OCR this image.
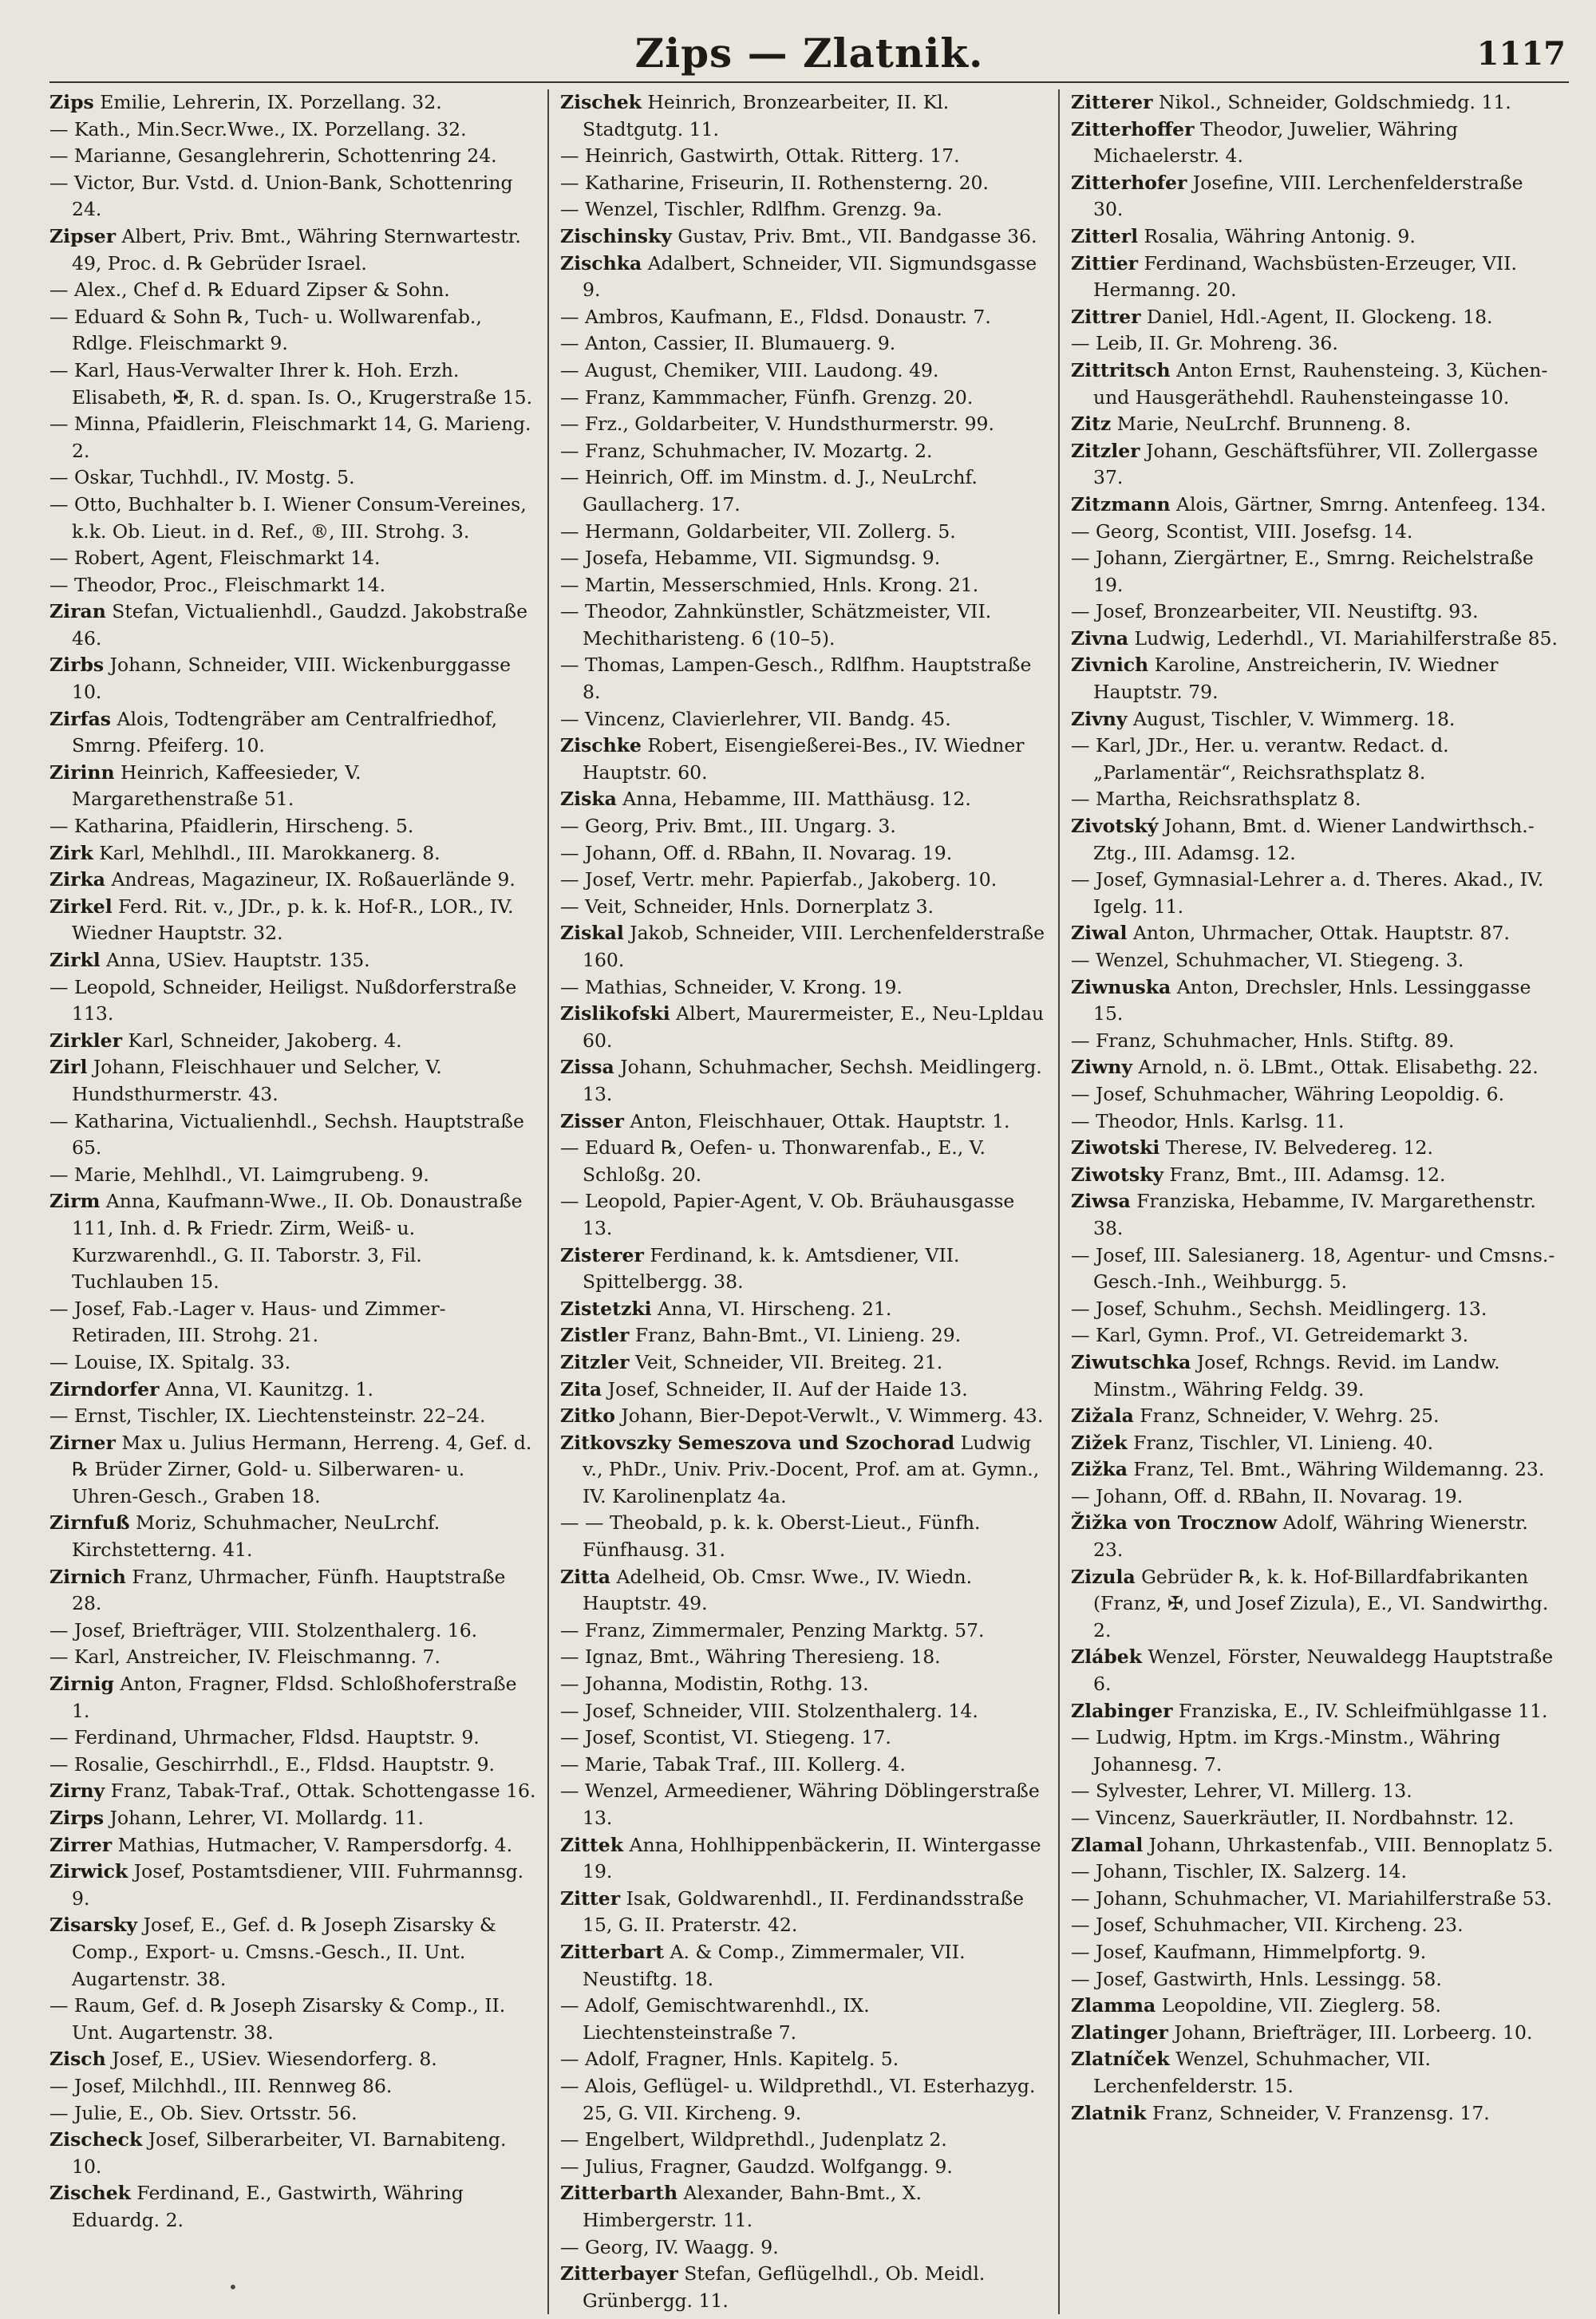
Zips — Zlatnik.	1117

Zips Emilie, Lehrerin, IX. Porzellang. 32.

— Kath., Min.Secr.Wwe., IX. Porzellang. 32.

— Marianne, Gesanglehrerin, Schottenring 24.

— Victor, Bur. Vstd. d. Union-Bank, Schottenring 24.

Zipser Albert, Priv. Bmt., Währing Sternwartestr. 49, Proc. d. ℞ Gebrüder Israel.

— Alex., Chef d. ℞ Eduard Zipser & Sohn.

— Eduard & Sohn ℞, Tuch- u. Wollwarenfab., Rdlge. Fleischmarkt 9.

— Karl, Haus-Verwalter Ihrer k. Hoh. Erzh. Elisabeth, ✠, R. d. span. Is. O., Krugerstraße 15.

— Minna, Pfaidlerin, Fleischmarkt 14, G. Marieng. 2.

— Oskar, Tuchhdl., IV. Mostg. 5.

— Otto, Buchhalter b. I. Wiener Consum-Vereines, k.k. Ob. Lieut. in d. Ref., ®, III. Strohg. 3.

— Robert, Agent, Fleischmarkt 14.

— Theodor, Proc., Fleischmarkt 14.

Ziran Stefan, Victualienhdl., Gaudzd. Jakobstraße 46.

Zirbs Johann, Schneider, VIII. Wickenburggasse 10.

Zirfas Alois, Todtengräber am Centralfriedhof, Smrng. Pfeiferg. 10.

Zirinn Heinrich, Kaffeesieder, V. Margarethenstraße 51.

— Katharina, Pfaidlerin, Hirscheng. 5.

Zirk Karl, Mehlhdl., III. Marokkanerg. 8.

Zirka Andreas, Magazineur, IX. Roßauerlände 9.

Zirkel Ferd. Rit. v., JDr., p. k. k. Hof-R., LOR., IV. Wiedner Hauptstr. 32.

Zirkl Anna, USiev. Hauptstr. 135.

— Leopold, Schneider, Heiligst. Nußdorferstraße 113.

Zirkler Karl, Schneider, Jakoberg. 4.

Zirl Johann, Fleischhauer und Selcher, V. Hundsthurmerstr. 43.

— Katharina, Victualienhdl., Sechsh. Hauptstraße 65.

— Marie, Mehlhdl., VI. Laimgrubeng. 9.

Zirm Anna, Kaufmann-Wwe., II. Ob. Donaustraße 111, Inh. d. ℞ Friedr. Zirm, Weiß- u. Kurzwarenhdl., G. II. Taborstr. 3, Fil. Tuchlauben 15.

— Josef, Fab.-Lager v. Haus- und Zimmer-Retiraden, III. Strohg. 21.

— Louise, IX. Spitalg. 33.

Zirndorfer Anna, VI. Kaunitzg. 1.

— Ernst, Tischler, IX. Liechtensteinstr. 22–24.

Zirner Max u. Julius Hermann, Herreng. 4, Gef. d. ℞ Brüder Zirner, Gold- u. Silberwaren- u. Uhren-Gesch., Graben 18.

Zirnfuß Moriz, Schuhmacher, NeuLrchf. Kirchstetterng. 41.

Zirnich Franz, Uhrmacher, Fünfh. Hauptstraße 28.

— Josef, Briefträger, VIII. Stolzenthalerg. 16.

— Karl, Anstreicher, IV. Fleischmanng. 7.

Zirnig Anton, Fragner, Fldsd. Schloßhoferstraße 1.

— Ferdinand, Uhrmacher, Fldsd. Hauptstr. 9.

— Rosalie, Geschirrhdl., E., Fldsd. Hauptstr. 9.

Zirny Franz, Tabak-Traf., Ottak. Schottengasse 16.

Zirps Johann, Lehrer, VI. Mollardg. 11.

Zirrer Mathias, Hutmacher, V. Rampersdorfg. 4.

Zirwick Josef, Postamtsdiener, VIII. Fuhrmannsg. 9.

Zisarsky Josef, E., Gef. d. ℞ Joseph Zisarsky & Comp., Export- u. Cmsns.-Gesch., II. Unt. Augartenstr. 38.

— Raum, Gef. d. ℞ Joseph Zisarsky & Comp., II. Unt. Augartenstr. 38.

Zisch Josef, E., USiev. Wiesendorferg. 8.

— Josef, Milchhdl., III. Rennweg 86.

— Julie, E., Ob. Siev. Ortsstr. 56.

Zischeck Josef, Silberarbeiter, VI. Barnabiteng. 10.

Zischek Ferdinand, E., Gastwirth, Währing Eduardg. 2.

Zischek Heinrich, Bronzearbeiter, II. Kl. Stadtgutg. 11.

— Heinrich, Gastwirth, Ottak. Ritterg. 17.

— Katharine, Friseurin, II. Rothensterng. 20.

— Wenzel, Tischler, Rdlfhm. Grenzg. 9a.

Zischinsky Gustav, Priv. Bmt., VII. Bandgasse 36.

Zischka Adalbert, Schneider, VII. Sigmundsgasse 9.

— Ambros, Kaufmann, E., Fldsd. Donaustr. 7.

— Anton, Cassier, II. Blumauerg. 9.

— August, Chemiker, VIII. Laudong. 49.

— Franz, Kammmacher, Fünfh. Grenzg. 20.

— Frz., Goldarbeiter, V. Hundsthurmerstr. 99.

— Franz, Schuhmacher, IV. Mozartg. 2.

— Heinrich, Off. im Minstm. d. J., NeuLrchf. Gaullacherg. 17.

— Hermann, Goldarbeiter, VII. Zollerg. 5.

— Josefa, Hebamme, VII. Sigmundsg. 9.

— Martin, Messerschmied, Hnls. Krong. 21.

— Theodor, Zahnkünstler, Schätzmeister, VII. Mechitharisteng. 6 (10–5).

— Thomas, Lampen-Gesch., Rdlfhm. Hauptstraße 8.

— Vincenz, Clavierlehrer, VII. Bandg. 45.

Zischke Robert, Eisengießerei-Bes., IV. Wiedner Hauptstr. 60.

Ziska Anna, Hebamme, III. Matthäusg. 12.

— Georg, Priv. Bmt., III. Ungarg. 3.

— Johann, Off. d. RBahn, II. Novarag. 19.

— Josef, Vertr. mehr. Papierfab., Jakoberg. 10.

— Veit, Schneider, Hnls. Dornerplatz 3.

Ziskal Jakob, Schneider, VIII. Lerchenfelderstraße 160.

— Mathias, Schneider, V. Krong. 19.

Zislikofski Albert, Maurermeister, E., Neu-Lpldau 60.

Zissa Johann, Schuhmacher, Sechsh. Meidlingerg. 13.

Zisser Anton, Fleischhauer, Ottak. Hauptstr. 1.

— Eduard ℞, Oefen- u. Thonwarenfab., E., V. Schloßg. 20.

— Leopold, Papier-Agent, V. Ob. Bräuhausgasse 13.

Zisterer Ferdinand, k. k. Amtsdiener, VII. Spittelbergg. 38.

Zistetzki Anna, VI. Hirscheng. 21.

Zistler Franz, Bahn-Bmt., VI. Linieng. 29.

Zitzler Veit, Schneider, VII. Breiteg. 21.

Zita Josef, Schneider, II. Auf der Haide 13.

Zitko Johann, Bier-Depot-Verwlt., V. Wimmerg. 43.

Zitkovszky Semeszova und Szochorad Ludwig v., PhDr., Univ. Priv.-Docent, Prof. am at. Gymn., IV. Karolinenplatz 4a.

— — Theobald, p. k. k. Oberst-Lieut., Fünfh. Fünfhausg. 31.

Zitta Adelheid, Ob. Cmsr. Wwe., IV. Wiedn. Hauptstr. 49.

— Franz, Zimmermaler, Penzing Marktg. 57.

— Ignaz, Bmt., Währing Theresieng. 18.

— Johanna, Modistin, Rothg. 13.

— Josef, Schneider, VIII. Stolzenthalerg. 14.

— Josef, Scontist, VI. Stiegeng. 17.

— Marie, Tabak Traf., III. Kollerg. 4.

— Wenzel, Armeediener, Währing Döblingerstraße 13.

Zittek Anna, Hohlhippenbäckerin, II. Wintergasse 19.

Zitter Isak, Goldwarenhdl., II. Ferdinandsstraße 15, G. II. Praterstr. 42.

Zitterbart A. & Comp., Zimmermaler, VII. Neustiftg. 18.

— Adolf, Gemischtwarenhdl., IX. Liechtensteinstraße 7.

— Adolf, Fragner, Hnls. Kapitelg. 5.

— Alois, Geflügel- u. Wildprethdl., VI. Esterhazyg. 25, G. VII. Kircheng. 9.

— Engelbert, Wildprethdl., Judenplatz 2.

— Julius, Fragner, Gaudzd. Wolfgangg. 9.

Zitterbarth Alexander, Bahn-Bmt., X. Himbergerstr. 11.

— Georg, IV. Waagg. 9.

Zitterbayer Stefan, Geflügelhdl., Ob. Meidl. Grünbergg. 11.

Zitterer Nikol., Schneider, Goldschmiedg. 11.

Zitterhoffer Theodor, Juwelier, Währing Michaelerstr. 4.

Zitterhofer Josefine, VIII. Lerchenfelderstraße 30.

Zitterl Rosalia, Währing Antonig. 9.

Zittier Ferdinand, Wachsbüsten-Erzeuger, VII. Hermanng. 20.

Zittrer Daniel, Hdl.-Agent, II. Glockeng. 18.

— Leib, II. Gr. Mohreng. 36.

Zittritsch Anton Ernst, Rauhensteing. 3, Küchen- und Hausgeräthehdl. Rauhensteingasse 10.

Zitz Marie, NeuLrchf. Brunneng. 8.

Zitzler Johann, Geschäftsführer, VII. Zollergasse 37.

Zitzmann Alois, Gärtner, Smrng. Antenfeeg. 134.

— Georg, Scontist, VIII. Josefsg. 14.

— Johann, Ziergärtner, E., Smrng. Reichelstraße 19.

— Josef, Bronzearbeiter, VII. Neustiftg. 93.

Zivna Ludwig, Lederhdl., VI. Mariahilferstraße 85.

Zivnich Karoline, Anstreicherin, IV. Wiedner Hauptstr. 79.

Zivny August, Tischler, V. Wimmerg. 18.

— Karl, JDr., Her. u. verantw. Redact. d. „Parlamentär“, Reichsrathsplatz 8.

— Martha, Reichsrathsplatz 8.

Zivotský Johann, Bmt. d. Wiener Landwirthsch.-Ztg., III. Adamsg. 12.

— Josef, Gymnasial-Lehrer a. d. Theres. Akad., IV. Igelg. 11.

Ziwal Anton, Uhrmacher, Ottak. Hauptstr. 87.

— Wenzel, Schuhmacher, VI. Stiegeng. 3.

Ziwnuska Anton, Drechsler, Hnls. Lessinggasse 15.

— Franz, Schuhmacher, Hnls. Stiftg. 89.

Ziwny Arnold, n. ö. LBmt., Ottak. Elisabethg. 22.

— Josef, Schuhmacher, Währing Leopoldig. 6.

— Theodor, Hnls. Karlsg. 11.

Ziwotski Therese, IV. Belvedereg. 12.

Ziwotsky Franz, Bmt., III. Adamsg. 12.

Ziwsa Franziska, Hebamme, IV. Margarethenstr. 38.

— Josef, III. Salesianerg. 18, Agentur- und Cmsns.-Gesch.-Inh., Weihburgg. 5.

— Josef, Schuhm., Sechsh. Meidlingerg. 13.

— Karl, Gymn. Prof., VI. Getreidemarkt 3.

Ziwutschka Josef, Rchngs. Revid. im Landw. Minstm., Währing Feldg. 39.

Zižala Franz, Schneider, V. Wehrg. 25.

Zižek Franz, Tischler, VI. Linieng. 40.

Zižka Franz, Tel. Bmt., Währing Wildemanng. 23.

— Johann, Off. d. RBahn, II. Novarag. 19.

Žižka von Trocznow Adolf, Währing Wienerstr. 23.

Zizula Gebrüder ℞, k. k. Hof-Billardfabrikanten (Franz, ✠, und Josef Zizula), E., VI. Sandwirthg. 2.

Zlábek Wenzel, Förster, Neuwaldegg Hauptstraße 6.

Zlabinger Franziska, E., IV. Schleifmühlgasse 11.

— Ludwig, Hptm. im Krgs.-Minstm., Währing Johannesg. 7.

— Sylvester, Lehrer, VI. Millerg. 13.

— Vincenz, Sauerkräutler, II. Nordbahnstr. 12.

Zlamal Johann, Uhrkastenfab., VIII. Bennoplatz 5.

— Johann, Tischler, IX. Salzerg. 14.

— Johann, Schuhmacher, VI. Mariahilferstraße 53.

— Josef, Schuhmacher, VII. Kircheng. 23.

— Josef, Kaufmann, Himmelpfortg. 9.

— Josef, Gastwirth, Hnls. Lessingg. 58.

Zlamma Leopoldine, VII. Zieglerg. 58.

Zlatinger Johann, Briefträger, III. Lorbeerg. 10.

Zlatníček Wenzel, Schuhmacher, VII. Lerchenfelderstr. 15.

Zlatnik Franz, Schneider, V. Franzensg. 17.

•
